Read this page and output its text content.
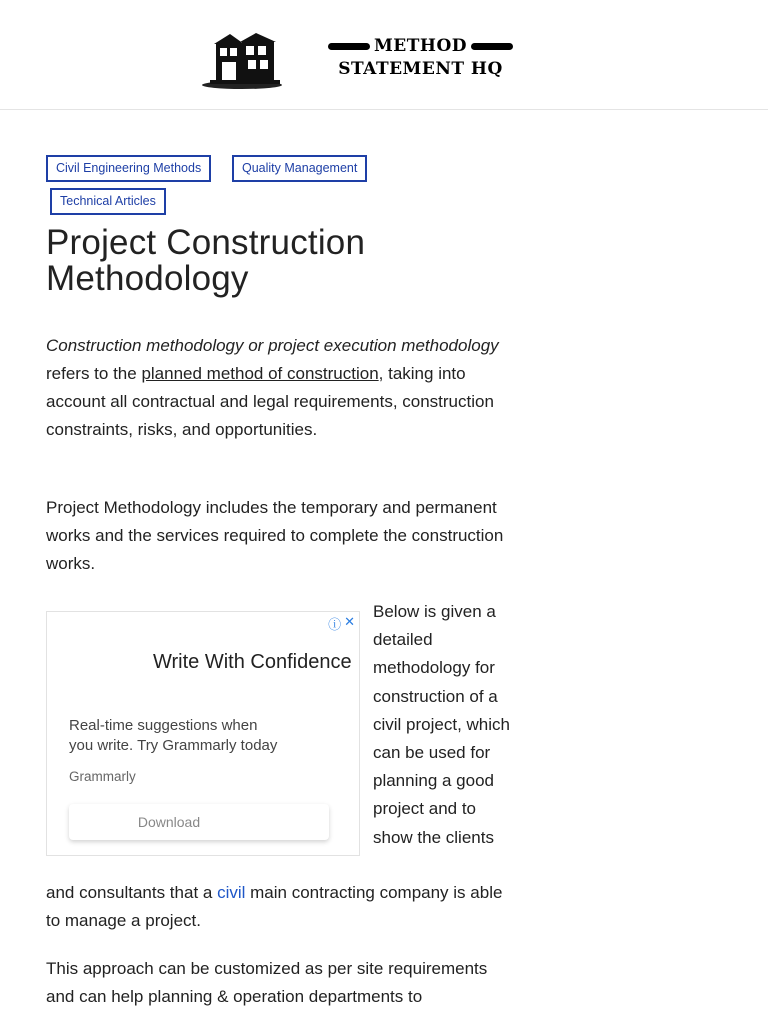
METHOD
STATEMENT HQ
Civil Engineering Methods	Quality Management
Technical Articles
Project Construction Methodology

Construction methodology or project execution methodology refers to the planned method of construction, taking into account all contractual and legal requirements, construction constraints, risks, and opportunities.

Project Methodology includes the temporary and permanent works and the services required to complete the construction works.

ⓘ ✕
Write With Confidence
Real-time suggestions when
you write. Try Grammarly today
Grammarly
Download

Below is given a detailed methodology for construction of a civil project, which can be used for planning a good project and to show the clients

and consultants that a civil main contracting company is able to manage a project.

This approach can be customized as per site requirements and can help planning & operation departments to
